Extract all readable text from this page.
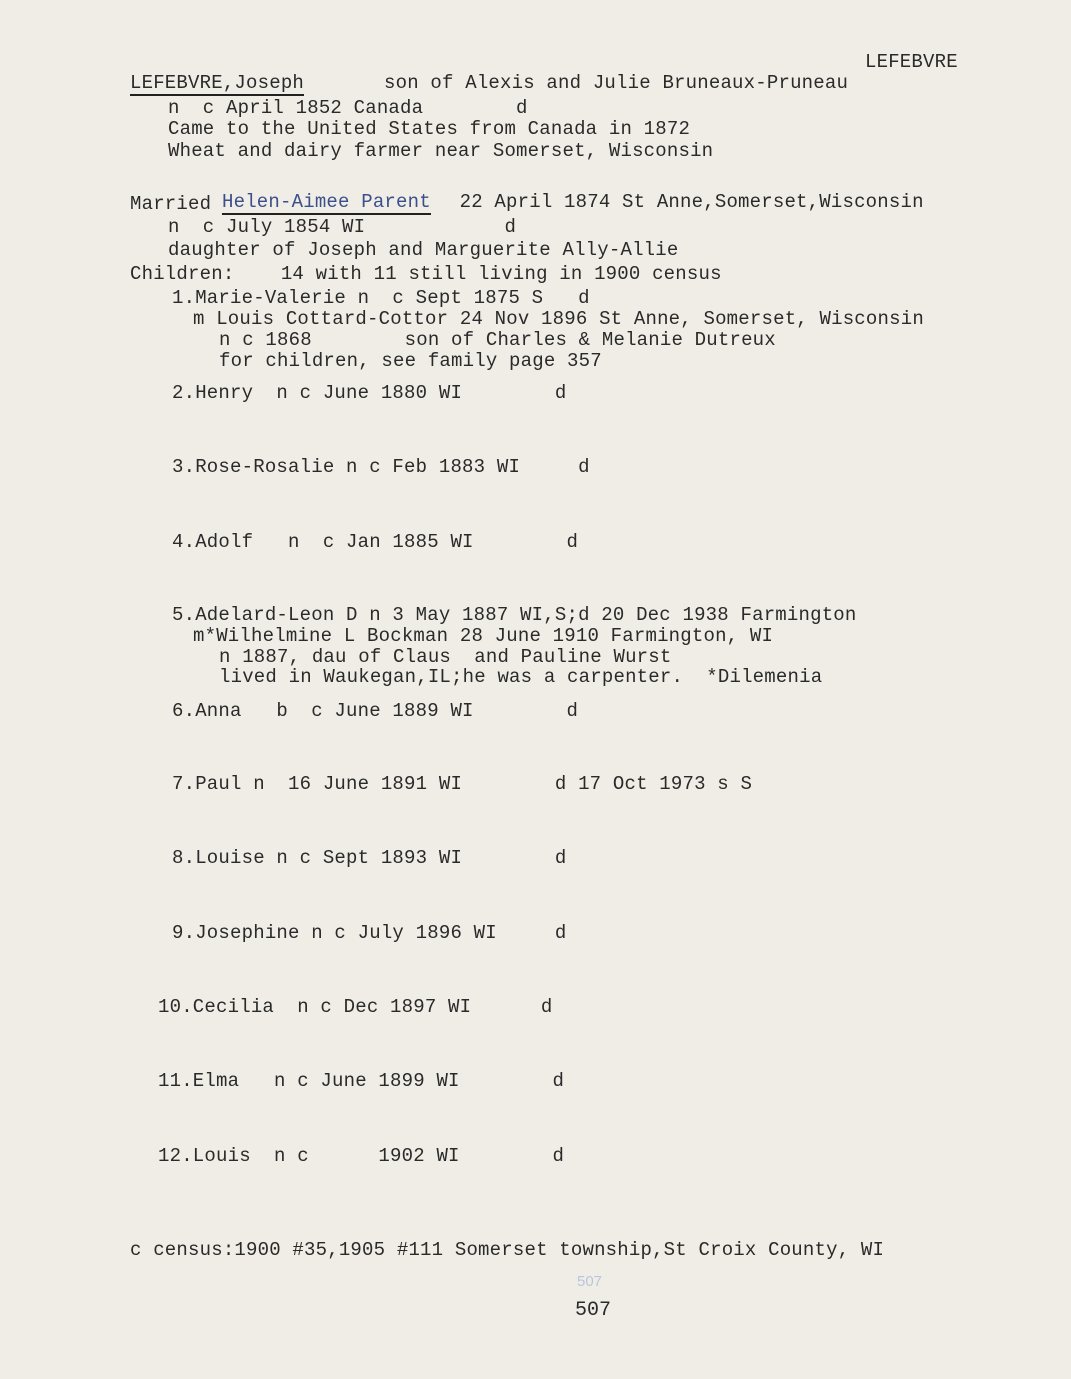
LEFEBVRE
LEFEBVRE,Joseph	son of Alexis and Julie Bruneaux-Pruneau
n  c April 1852 Canada        d
Came to the United States from Canada in 1872
Wheat and dairy farmer near Somerset, Wisconsin
Married Helen-Aimee Parent 22 April 1874 St Anne,Somerset,Wisconsin
n  c July 1854 WI            d
daughter of Joseph and Marguerite Ally-Allie
Children:    14 with 11 still living in 1900 census
1.Marie-Valerie n  c Sept 1875 S   d
m Louis Cottard-Cottor 24 Nov 1896 St Anne, Somerset, Wisconsin
n c 1868        son of Charles & Melanie Dutreux
for children, see family page 357
2.Henry  n c June 1880 WI        d
3.Rose-Rosalie n c Feb 1883 WI     d
4.Adolf   n  c Jan 1885 WI        d
5.Adelard-Leon D n 3 May 1887 WI,S;d 20 Dec 1938 Farmington
m*Wilhelmine L Bockman 28 June 1910 Farmington, WI
n 1887, dau of Claus  and Pauline Wurst
lived in Waukegan,IL;he was a carpenter.  *Dilemenia
6.Anna   b  c June 1889 WI        d
7.Paul n  16 June 1891 WI        d 17 Oct 1973 s S
8.Louise n c Sept 1893 WI        d
9.Josephine n c July 1896 WI     d
10.Cecilia  n c Dec 1897 WI      d
11.Elma   n c June 1899 WI        d
12.Louis  n c      1902 WI        d
c census:1900 #35,1905 #111 Somerset township,St Croix County, WI
507
507
